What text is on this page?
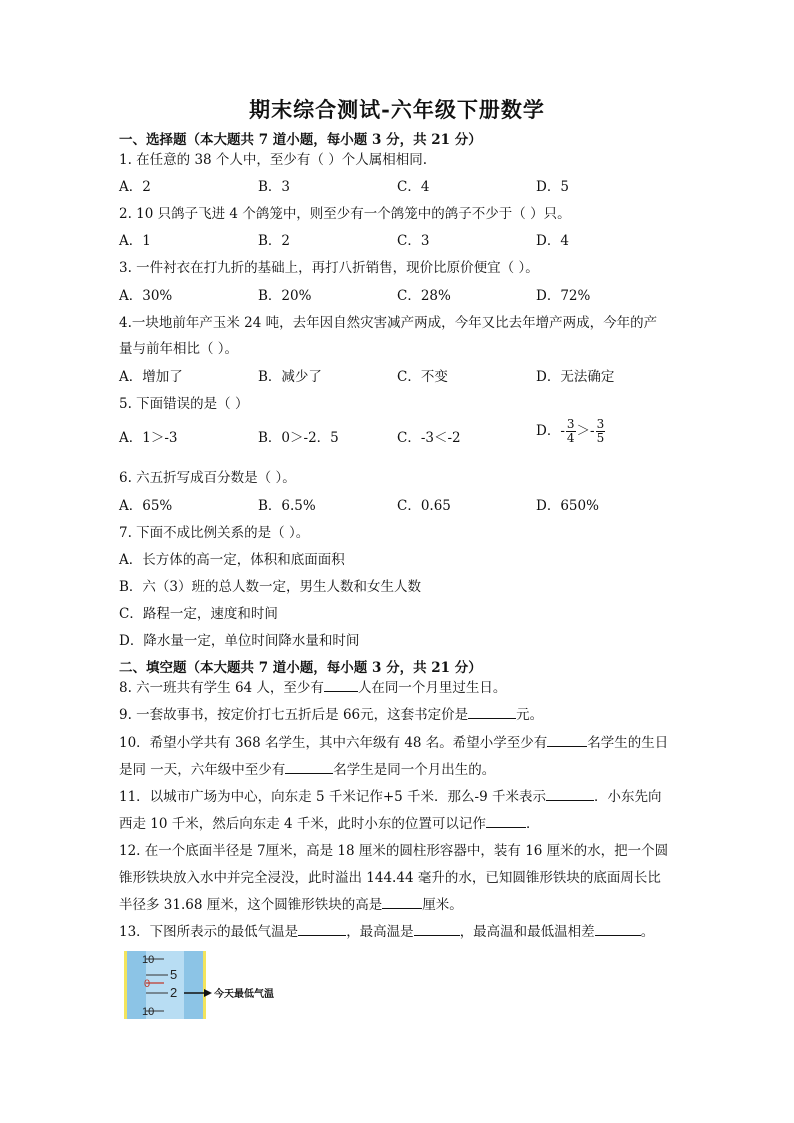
期末综合测试-六年级下册数学
一、选择题（本大题共 7 道小题，每小题 3 分，共 21 分）
1. 在任意的 38 个人中，至少有（ ）个人属相相同.
A．2	B．3	C．4	D．5
2. 10 只鸽子飞进 4 个鸽笼中，则至少有一个鸽笼中的鸽子不少于（ ）只。
A．1	B．2	C．3	D．4
3. 一件衬衣在打九折的基础上，再打八折销售，现价比原价便宜（ ）。
A．30%	B．20%	C．28%	D．72%
4.一块地前年产玉米 24 吨，去年因自然灾害减产两成，今年又比去年增产两成，今年的产
量与前年相比（ ）。
A．增加了	B．减少了	C．不变	D．无法确定
5. 下面错误的是（ ）
A．1＞-3	B．0＞-2．5	C．-3＜-2	D．- $\frac{3}{4} >- \frac{3}{5}$
6. 六五折写成百分数是（ ）。
A．65%	B．6.5%	C．0.65	D．650%
7. 下面不成比例关系的是（ ）。
A．长方体的高一定，体积和底面面积
B．六（3）班的总人数一定，男生人数和女生人数
C．路程一定，速度和时间
D．降水量一定，单位时间降水量和时间
二、填空题（本大题共 7 道小题，每小题 3 分，共 21 分）
8. 六一班共有学生 64 人，至少有	人在同一个月里过生日。
9. 一套故事书，按定价打七五折后是 66元，这套书定价是	元。
10．希望小学共有 368 名学生，其中六年级有 48 名。希望小学至少有	名学生的生日
是同 一天，六年级中至少有	名学生是同一个月出生的。
11．以城市广场为中心，向东走 5 千米记作+5 千米．那么-9 千米表示	．小东先向
西走 10 千米，然后向东走 4 千米，此时小东的位置可以记作	．
12. 在一个底面半径是 7厘米，高是 18 厘米的圆柱形容器中，装有 16 厘米的水，把一个圆
锥形铁块放入水中并完全浸没，此时溢出 144.44 毫升的水，已知圆锥形铁块的底面周长比
半径多 31.68 厘米，这个圆锥形铁块的高是	厘米。
13．下图所表示的最低气温是	，最高温是	，最高温和最低温相差	。
10
5
0
2
10
今天最低气温
